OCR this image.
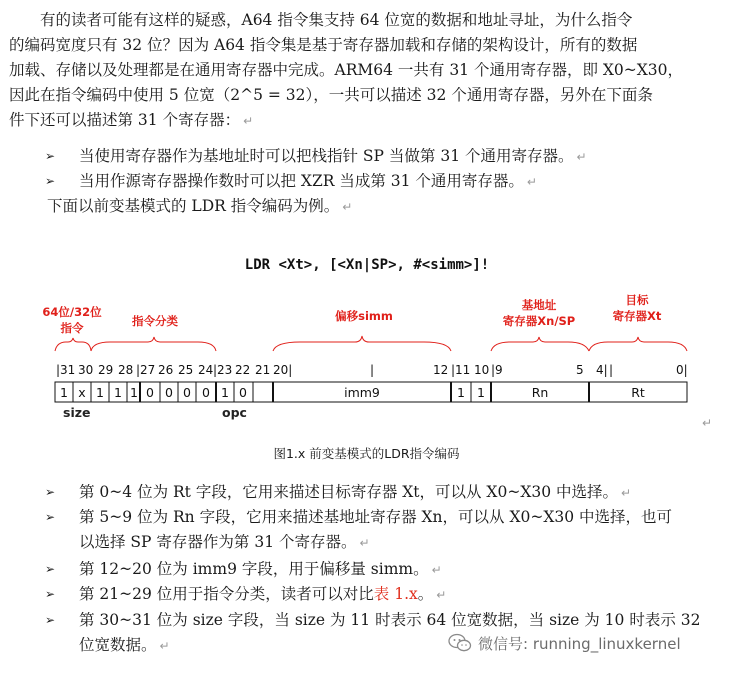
有的读者可能有这样的疑惑，A64 指令集支持 64 位宽的数据和地址寻址，为什么指令

的编码宽度只有 32 位？因为 A64 指令集是基于寄存器加载和存储的架构设计，所有的数据
加载、存储以及处理都是在通用寄存器中完成。ARM64 一共有 31 个通用寄存器，即 X0~X30，
因此在指令编码中使用 5 位宽（2^5 = 32），一共可以描述 32 个通用寄存器，另外在下面条
件下还可以描述第 31 个寄存器： ↵

➢	当使用寄存器作为基地址时可以把栈指针 SP 当做第 31 个通用寄存器。 ↵
➢	当用作源寄存器操作数时可以把 XZR 当成第 31 个通用寄存器。 ↵

下面以前变基模式的 LDR 指令编码为例。 ↵

LDR <Xt>, [<Xn|SP>, #<simm>]!
64位/32位
指令	指令分类	偏移simm
基地址
寄存器Xn/SP
目标
寄存器Xt
|31 30 29 28 |27 26 25 24 |23 22 21 20|	|	12 |11 10 |9	5 4| |	0|
1 x 1 1 1 0 0 0 0 1 0	imm9	1 1	Rn	Rt
size	opc
↵
图1.x 前变基模式的LDR指令编码
➢	第 0~4 位为 Rt 字段，它用来描述目标寄存器 Xt，可以从 X0~X30 中选择。 ↵
➢	第 5~9 位为 Rn 字段，它用来描述基地址寄存器 Xn，可以从 X0~X30 中选择，也可
以选择 SP 寄存器作为第 31 个寄存器。 ↵
➢	第 12~20 位为 imm9 字段，用于偏移量 simm。 ↵
➢	第 21~29 位用于指令分类，读者可以对比表 1.x。 ↵
➢	第 30~31 位为 size 字段，当 size 为 11 时表示 64 位宽数据，当 size 为 10 时表示 32
位宽数据。 ↵	微信号: running_linuxkernel
